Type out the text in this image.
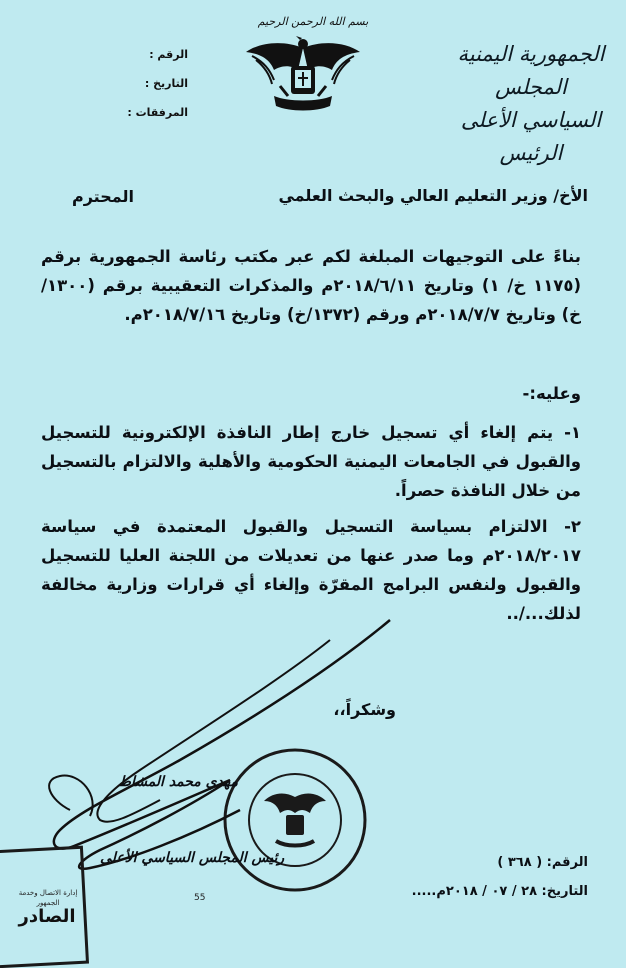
الجمهورية اليمنية
المجلس السياسي الأعلى
الرئيس
بسم الله الرحمن الرحيم
الرقم :
التاريخ :
المرفقات :
الأخ/ وزير التعليم العالي والبحث العلمي
المحترم
بناءً على التوجيهات المبلغة لكم عبر مكتب رئاسة الجمهورية برقم (١١٧٥ خ/ ١) وتاريخ ٢٠١٨/٦/١١م والمذكرات التعقيبية برقم (١٣٠٠/خ) وتاريخ ٢٠١٨/٧/٧م ورقم (١٣٧٢/خ) وتاريخ ٢٠١٨/٧/١٦م.
وعليه:-
١- يتم إلغاء أي تسجيل خارج إطار النافذة الإلكترونية للتسجيل والقبول في الجامعات اليمنية الحكومية والأهلية والالتزام بالتسجيل من خلال النافذة حصراً.
٢- الالتزام بسياسة التسجيل والقبول المعتمدة في سياسة ٢٠١٨/٢٠١٧م وما صدر عنها من تعديلات من اللجنة العليا للتسجيل والقبول ولنفس البرامج المقرّة وإلغاء أي قرارات وزارية مخالفة لذلك.../..
وشكراً،،
مهدي محمد المشاط
رئيس المجلس السياسي الأعلى	الرقم: ( ٣٦٨ )
التاريخ: ٢٨ / ٠٧ / ٢٠١٨م.....
55
إدارة الاتصال وخدمة الجمهور
الصادر
